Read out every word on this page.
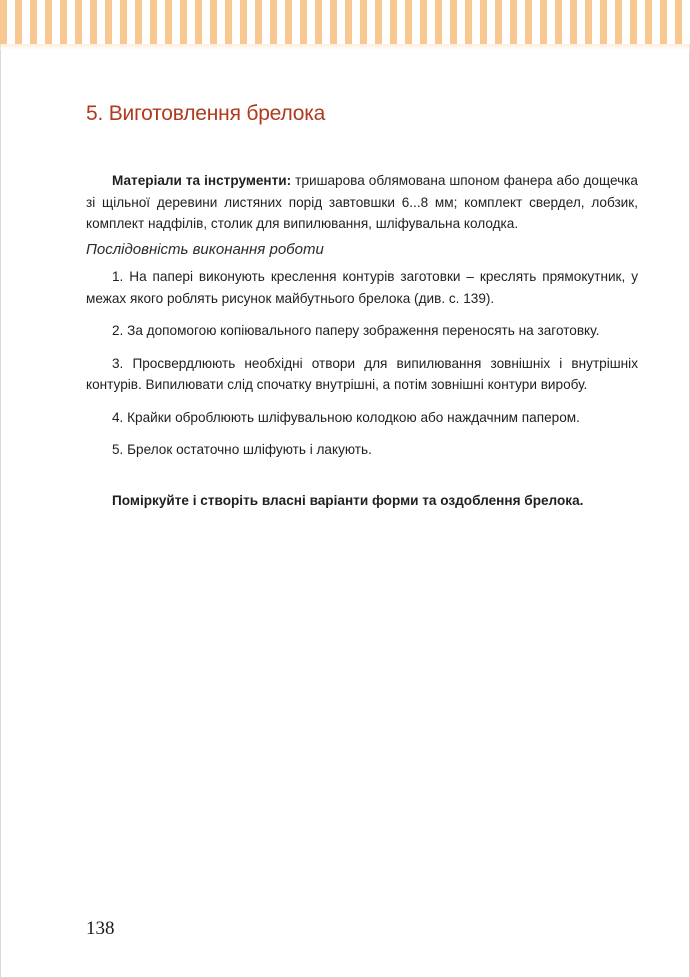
5. Виготовлення брелока

Матеріали та інструменти: тришарова облямована шпоном фанера або дощечка зі щільної деревини листяних порід завтовшки 6...8 мм; комплект свердел, лобзик, комплект надфілів, столик для випилювання, шліфувальна колодка.

Послідовність виконання роботи

1. На папері виконують креслення контурів заготовки – креслять прямокутник, у межах якого роблять рисунок майбутнього брелока (див. с. 139).

2. За допомогою копіювального паперу зображення переносять на заготовку.

3. Просвердлюють необхідні отвори для випилювання зовнішніх і внутрішніх контурів. Випилювати слід спочатку внутрішні, а потім зовнішні контури виробу.

4. Крайки оброблюють шліфувальною колодкою або наждачним папером.

5. Брелок остаточно шліфують і лакують.

Поміркуйте і створіть власні варіанти форми та оздоблення брелока.

138
